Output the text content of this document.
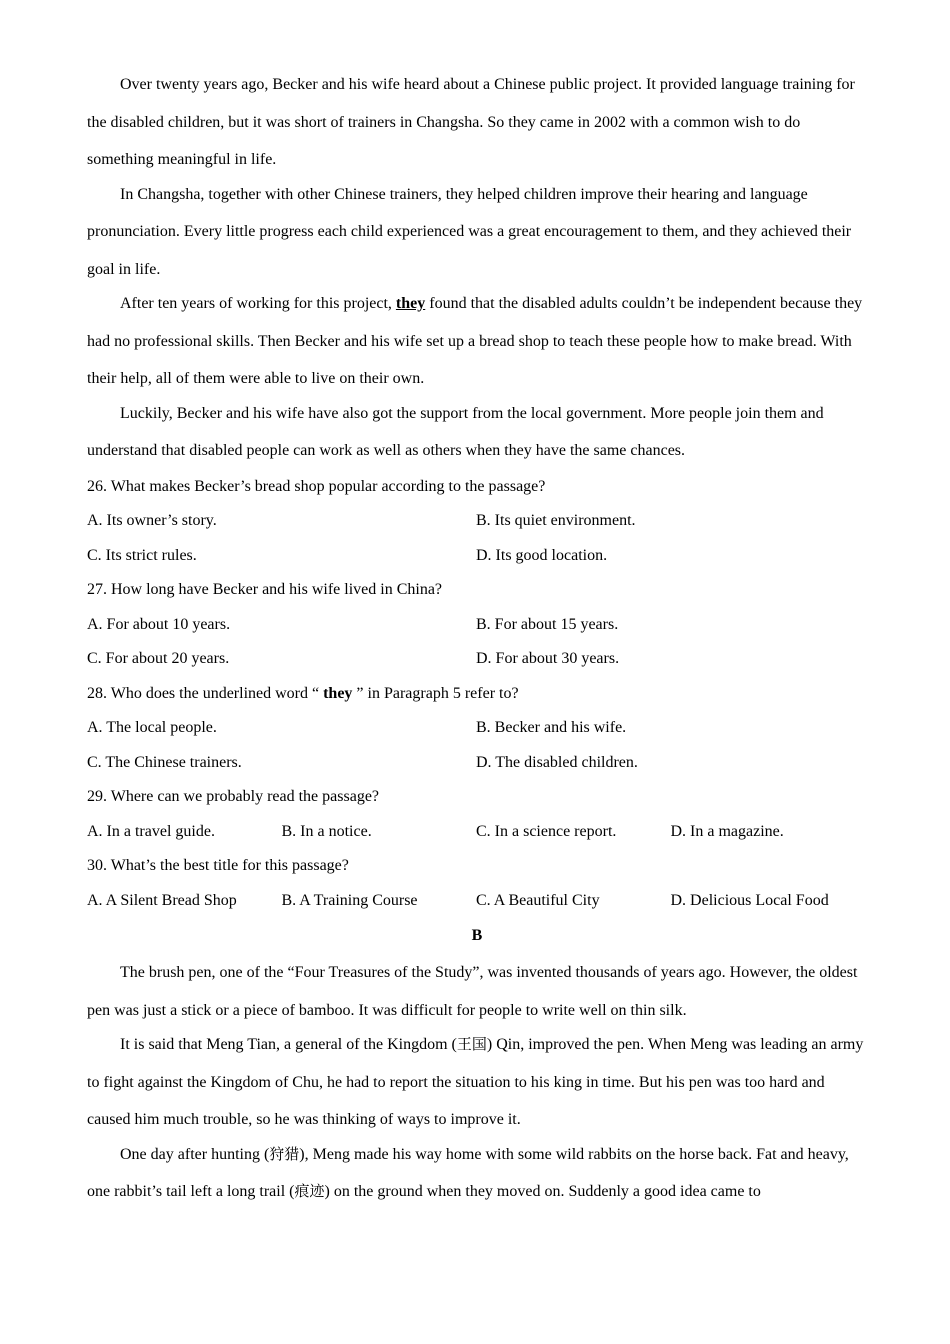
Over twenty years ago, Becker and his wife heard about a Chinese public project. It provided language training for the disabled children, but it was short of trainers in Changsha. So they came in 2002 with a common wish to do something meaningful in life.

In Changsha, together with other Chinese trainers, they helped children improve their hearing and language pronunciation. Every little progress each child experienced was a great encouragement to them, and they achieved their goal in life.

After ten years of working for this project, they found that the disabled adults couldn’t be independent because they had no professional skills. Then Becker and his wife set up a bread shop to teach these people how to make bread. With their help, all of them were able to live on their own.

Luckily, Becker and his wife have also got the support from the local government. More people join them and understand that disabled people can work as well as others when they have the same chances.

26. What makes Becker’s bread shop popular according to the passage?

A. Its owner’s story.	B. Its quiet environment.
C. Its strict rules.	D. Its good location.

27. How long have Becker and his wife lived in China?

A. For about 10 years.	B. For about 15 years.
C. For about 20 years.	D. For about 30 years.

28. Who does the underlined word “ they ” in Paragraph 5 refer to?

A. The local people.	B. Becker and his wife.
C. The Chinese trainers.	D. The disabled children.

29. Where can we probably read the passage?

A. In a travel guide.	B. In a notice.	C. In a science report.	D. In a magazine.

30. What’s the best title for this passage?

A. A Silent Bread Shop	B. A Training Course	C. A Beautiful City	D. Delicious Local Food

B

The brush pen, one of the “Four Treasures of the Study”, was invented thousands of years ago. However, the oldest pen was just a stick or a piece of bamboo. It was difficult for people to write well on thin silk.

It is said that Meng Tian, a general of the Kingdom (王国) Qin, improved the pen. When Meng was leading an army to fight against the Kingdom of Chu, he had to report the situation to his king in time. But his pen was too hard and caused him much trouble, so he was thinking of ways to improve it.

One day after hunting (狩猎), Meng made his way home with some wild rabbits on the horse back. Fat and heavy, one rabbit’s tail left a long trail (痕迹) on the ground when they moved on. Suddenly a good idea came to
